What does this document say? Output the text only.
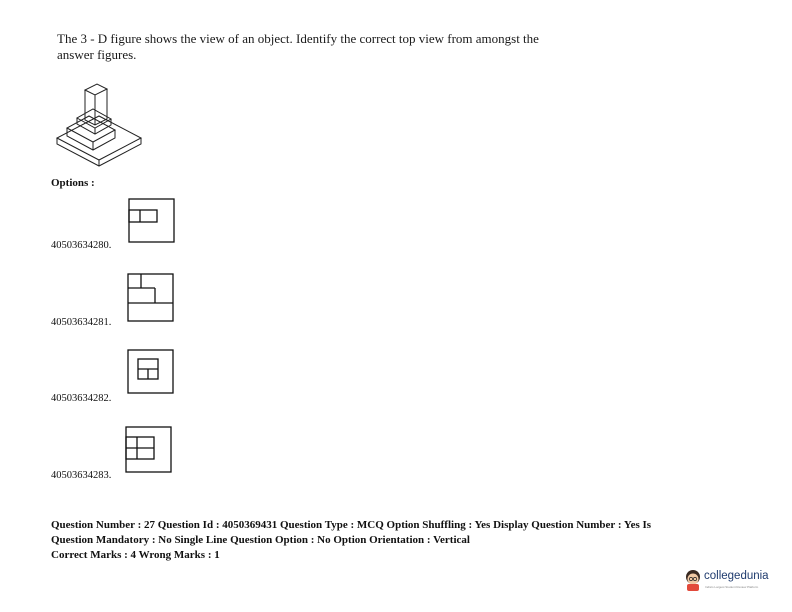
The 3 - D figure shows the view of an object. Identify the correct top view from amongst the
answer figures.
Options :
40503634280.
40503634281.
40503634282.
40503634283.
Question Number : 27 Question Id : 4050369431 Question Type : MCQ Option Shuffling : Yes Display Question Number : Yes Is
Question Mandatory : No Single Line Question Option : No Option Orientation : Vertical
Correct Marks : 4 Wrong Marks : 1
collegedunia
India's Largest Student Review Platform
